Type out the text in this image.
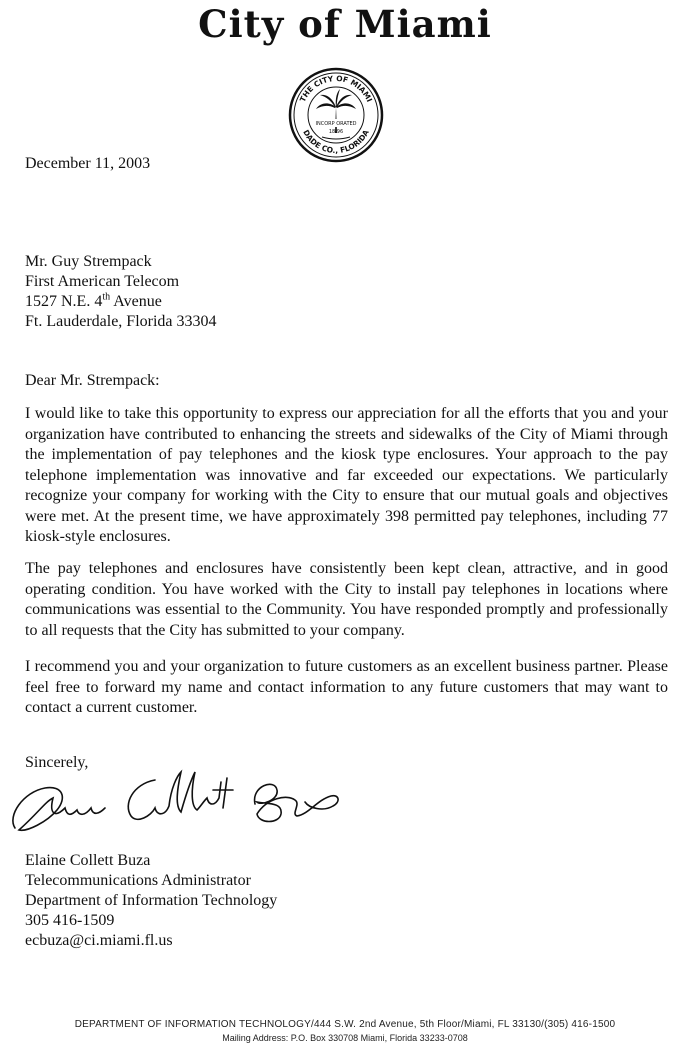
City of Miami
THE CITY OF MIAMI
DADE CO., FLORIDA
INCORP ORATED
18 96
December 11, 2003
Mr. Guy Strempack
First American Telecom
1527 N.E. 4th Avenue
Ft. Lauderdale, Florida 33304
Dear Mr. Strempack:
I would like to take this opportunity to express our appreciation for all the efforts that you and your organization have contributed to enhancing the streets and sidewalks of the City of Miami through the implementation of pay telephones and the kiosk type enclosures. Your approach to the pay telephone implementation was innovative and far exceeded our expectations. We particularly recognize your company for working with the City to ensure that our mutual goals and objectives were met. At the present time, we have approximately 398 permitted pay telephones, including 77 kiosk-style enclosures.
The pay telephones and enclosures have consistently been kept clean, attractive, and in good operating condition. You have worked with the City to install pay telephones in locations where communications was essential to the Community. You have responded promptly and professionally to all requests that the City has submitted to your company.
I recommend you and your organization to future customers as an excellent business partner. Please feel free to forward my name and contact information to any future customers that may want to contact a current customer.
Sincerely,
Elaine Collett Buza
Telecommunications Administrator
Department of Information Technology
305 416-1509
ecbuza@ci.miami.fl.us
DEPARTMENT OF INFORMATION TECHNOLOGY/444 S.W. 2nd Avenue, 5th Floor/Miami, FL 33130/(305) 416-1500
Mailing Address: P.O. Box 330708 Miami, Florida 33233-0708
